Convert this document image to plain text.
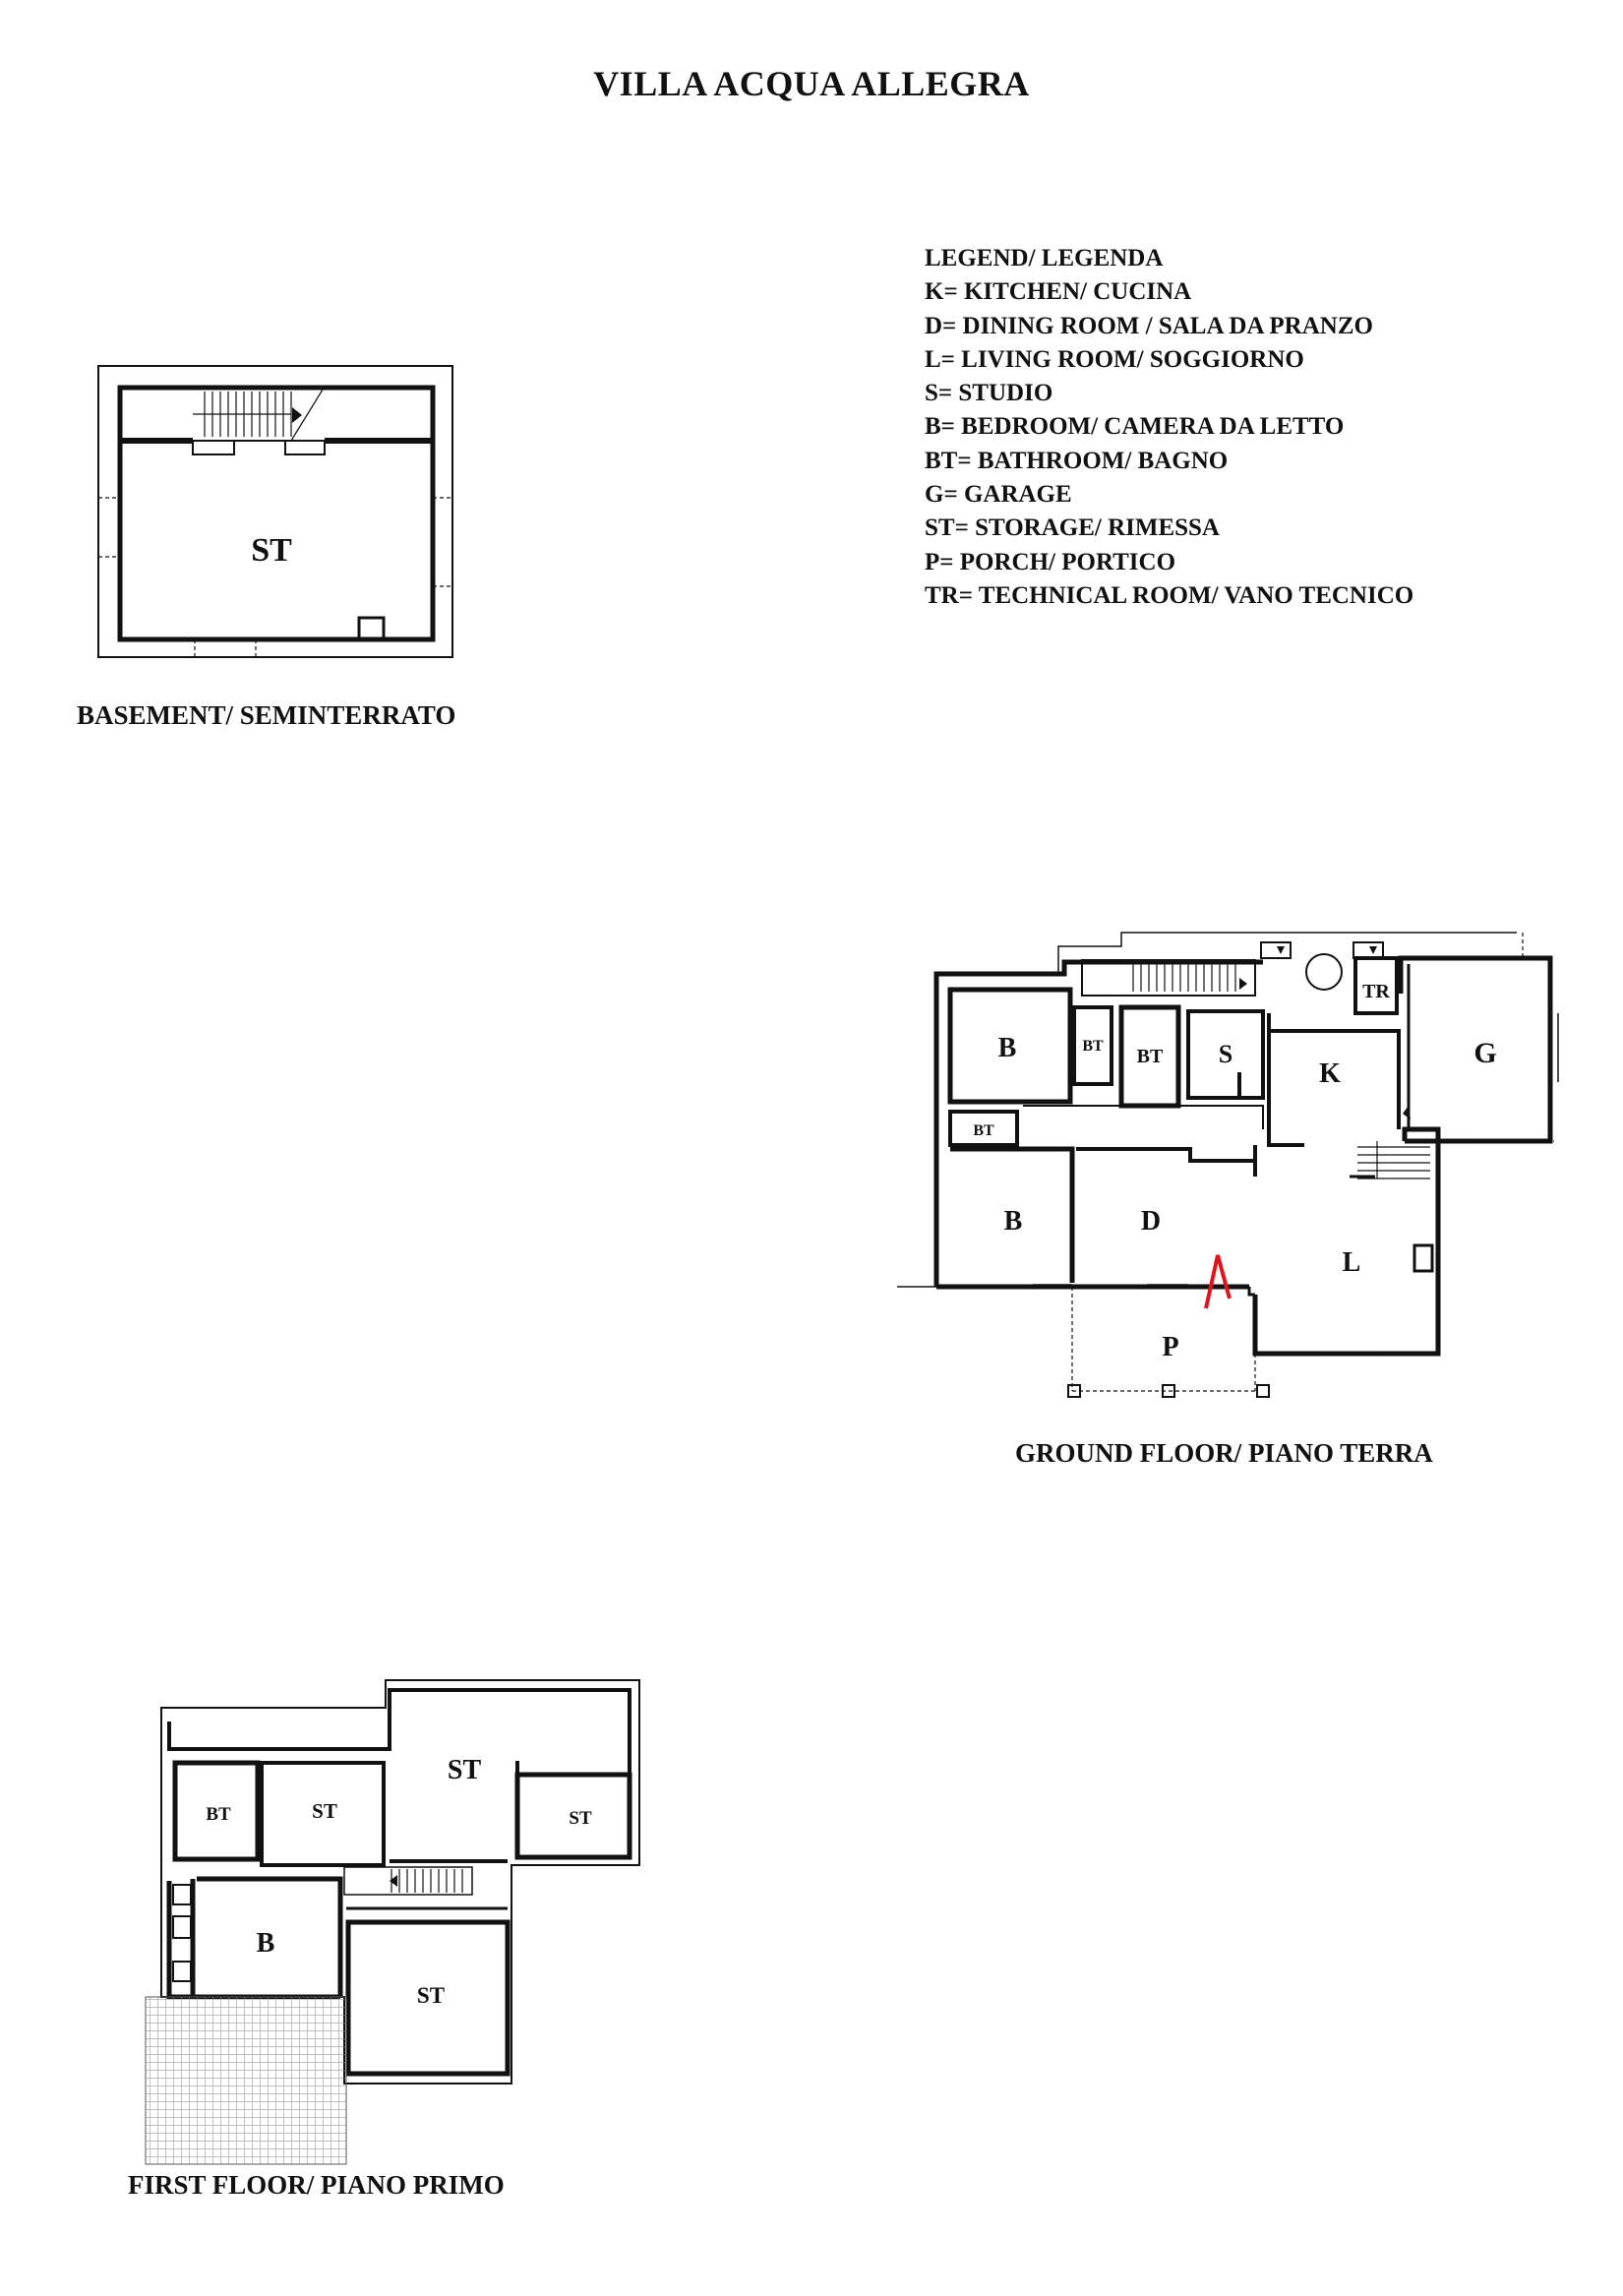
VILLA ACQUA ALLEGRA
LEGEND/ LEGENDA
K= KITCHEN/ CUCINA
D= DINING ROOM / SALA DA PRANZO
L= LIVING ROOM/ SOGGIORNO
S= STUDIO
B= BEDROOM/ CAMERA DA LETTO
BT= BATHROOM/ BAGNO
G= GARAGE
ST= STORAGE/ RIMESSA
P= PORCH/ PORTICO
TR= TECHNICAL ROOM/ VANO TECNICO
BASEMENT/ SEMINTERRATO
GROUND FLOOR/ PIANO TERRA
FIRST FLOOR/ PIANO PRIMO
ST
B	BT BT S
K
TR
G
BT
B	D
L
P
BT	ST
ST
ST
B
ST
